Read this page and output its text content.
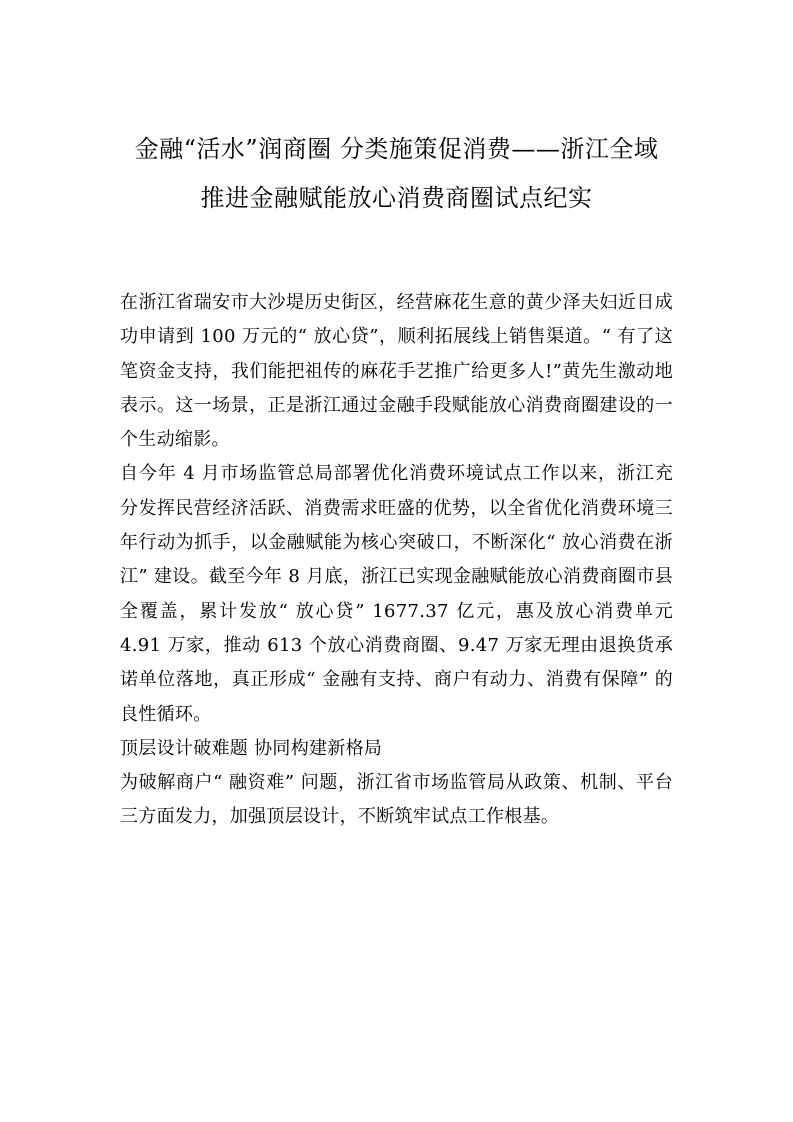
金融“活水”润商圈 分类施策促消费——浙江全域
推进金融赋能放心消费商圈试点纪实

在浙江省瑞安市大沙堤历史街区，经营麻花生意的黄少泽夫妇近日成功申请到 100 万元的“ 放心贷”，顺利拓展线上销售渠道。“ 有了这笔资金支持，我们能把祖传的麻花手艺推广给更多人!”黄先生激动地表示。这一场景，正是浙江通过金融手段赋能放心消费商圈建设的一个生动缩影。

自今年 4 月市场监管总局部署优化消费环境试点工作以来，浙江充分发挥民营经济活跃、消费需求旺盛的优势，以全省优化消费环境三年行动为抓手，以金融赋能为核心突破口，不断深化“ 放心消费在浙江” 建设。截至今年 8 月底，浙江已实现金融赋能放心消费商圈市县全覆盖，累计发放“ 放心贷” 1677.37 亿元，惠及放心消费单元 4.91 万家，推动 613 个放心消费商圈、9.47 万家无理由退换货承诺单位落地，真正形成“ 金融有支持、商户有动力、消费有保障” 的良性循环。

顶层设计破难题 协同构建新格局

为破解商户“ 融资难” 问题，浙江省市场监管局从政策、机制、平台三方面发力，加强顶层设计，不断筑牢试点工作根基。
